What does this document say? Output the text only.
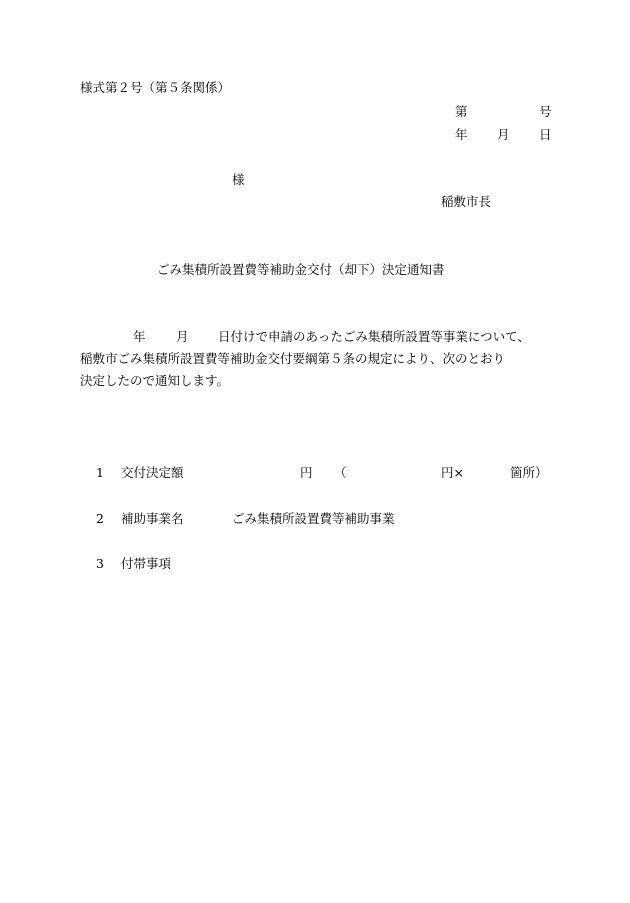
様式第２号（第５条関係）
第	号
年 月 日
様
稲敷市長
ごみ集積所設置費等補助金交付（却下）決定通知書
年 月 日付けで申請のあったごみ集積所設置等事業について、
稲敷市ごみ集積所設置費等補助金交付要綱第５条の規定により、次のとおり
決定したので通知します。
1 交付決定額	円 （	円×	箇所）
2 補助事業名	ごみ集積所設置費等補助事業
3 付帯事項
